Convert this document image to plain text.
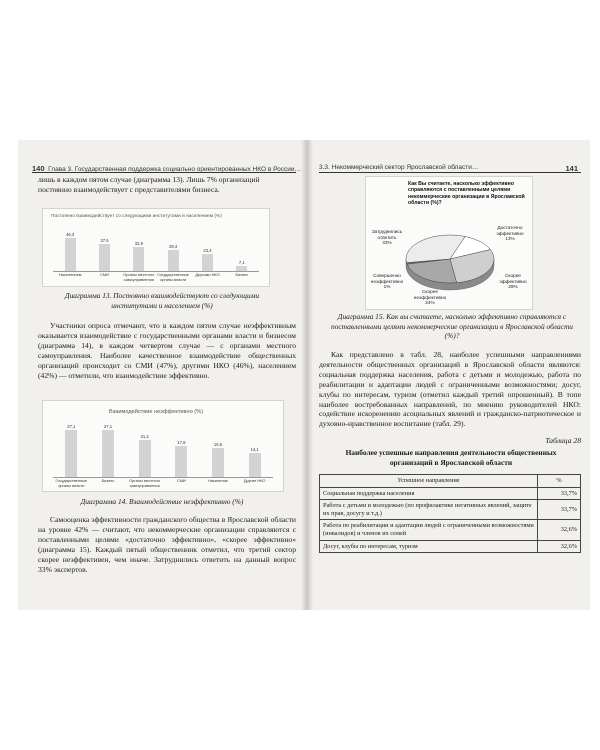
140 Глава 3. Государственная поддержка социально ориентированных НКО в России…

лишь в каждом пятом случае (диаграмма 13). Лишь 7% организаций

постоянно взаимодействует с представителями бизнеса.

Постоянно взаимодействует со следующими институтами и населением (%)
46,3
Населением
37,5
СМИ
32,9
Органы местного самоуправления
29,4
Государственные органы власти
23,4
Другими НКО
7,1
Бизнес

Диаграмма 13. Постоянно взаимодействуют со следующими институтами и населением (%)

Участники опроса отмечают, что в каждом пятом случае неэффективным оказывается взаимодействие с государственными органами власти и бизнесом (диаграмма 14), в каждом четвертом случае — с органами местного самоуправления. Наиболее качественное взаимодействие общественных организаций происходит со СМИ (47%), другими НКО (46%), населением (42%) — отметили, что взаимодействие эффективно.

Взаимодействие неэффективно (%)
27,1
Государственные органы власти
27,1
Бизнес
21,2
Органы местного самоуправления
17,6
СМИ
16,5
Население
14,1
Другие НКО

Диаграмма 14. Взаимодействие неэффективно (%)

Самооценка эффективности гражданского общества в Ярославской области на уровне 42% — считают, что некоммерческие организации справляются с поставленными целями «достаточно эффективно», «скорее эффективно» (диаграмма 15). Каждый пятый общественник отметил, что третий сектор скорее неэффективен, чем иначе. Затруднились ответить на данный вопрос 33% экспертов.

3.3. Некоммерческий сектор Ярославской области…	141
Как Вы считаете, насколько эффективно справляются с поставленными целями некоммерческие организации в Ярославской области (%)?
Затруднились ответить
33%
Достаточно эффективно
13%
Скорее эффективно
29%
Скорее неэффективно
24%
Совершенно неэффективно
1%

Диаграмма 15. Как вы считаете, насколько эффективно справляются с поставленными целями некоммерческие организации в Ярославской области (%)?

Как представлено в табл. 28, наиболее успешными направлениями деятельности общественных организаций в Ярославской области являются: социальная поддержка населения, работа с детьми и молодежью, работа по реабилитации и адаптации людей с ограниченными возможностями; досуг, клубы по интересам, туризм (отметил каждый третий опрошенный). В топе наиболее востребованных направлений, по мнению руководителей НКО: содействие искоренению асоциальных явлений и гражданско-патриотическое и духовно-нравственное воспитание (табл. 29).

Таблица 28

Наиболее успешные направления деятельности общественных организаций в Ярославской области

Успешное направление	%
Социальная поддержка населения	33,7%
Работа с детьми и молодежью (по профилактике негативных явлений, защите их прав, досугу и т.д.)	33,7%
Работа по реабилитации и адаптации людей с ограниченными возможностями (инвалидов) и членов их семей	32,6%
Досуг, клубы по интересам, туризм	32,6%
